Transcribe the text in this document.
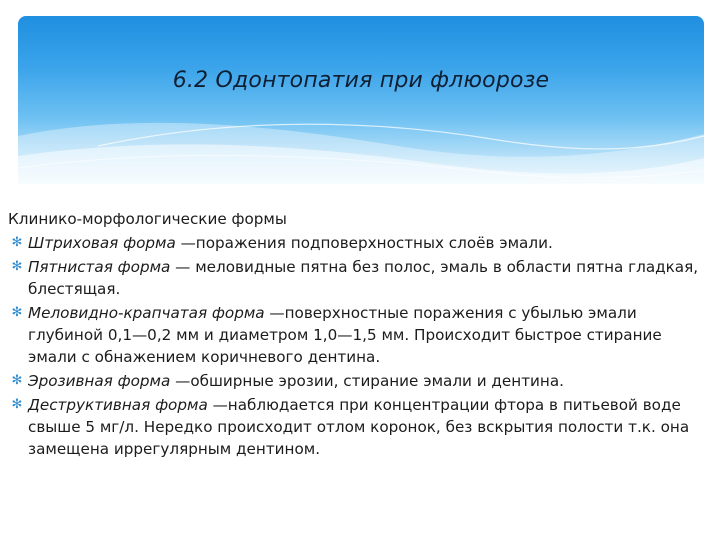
6.2 Одонтопатия при флюорозе
Клинико-морфологические формы
✻ Штриховая форма —поражения подповерхностных слоёв эмали.
✻ Пятнистая форма — меловидные пятна без полос, эмаль в области пятна гладкая, блестящая.
✻ Меловидно-крапчатая форма —поверхностные поражения с убылью эмали глубиной 0,1—0,2 мм и диаметром 1,0—1,5 мм. Происходит быстрое стирание эмали с обнажением коричневого дентина.
✻ Эрозивная форма —обширные эрозии, стирание эмали и дентина.
✻ Деструктивная форма —наблюдается при концентрации фтора в питьевой воде свыше 5 мг/л. Нередко происходит отлом коронок, без вскрытия полости т.к. она замещена иррегулярным дентином.
